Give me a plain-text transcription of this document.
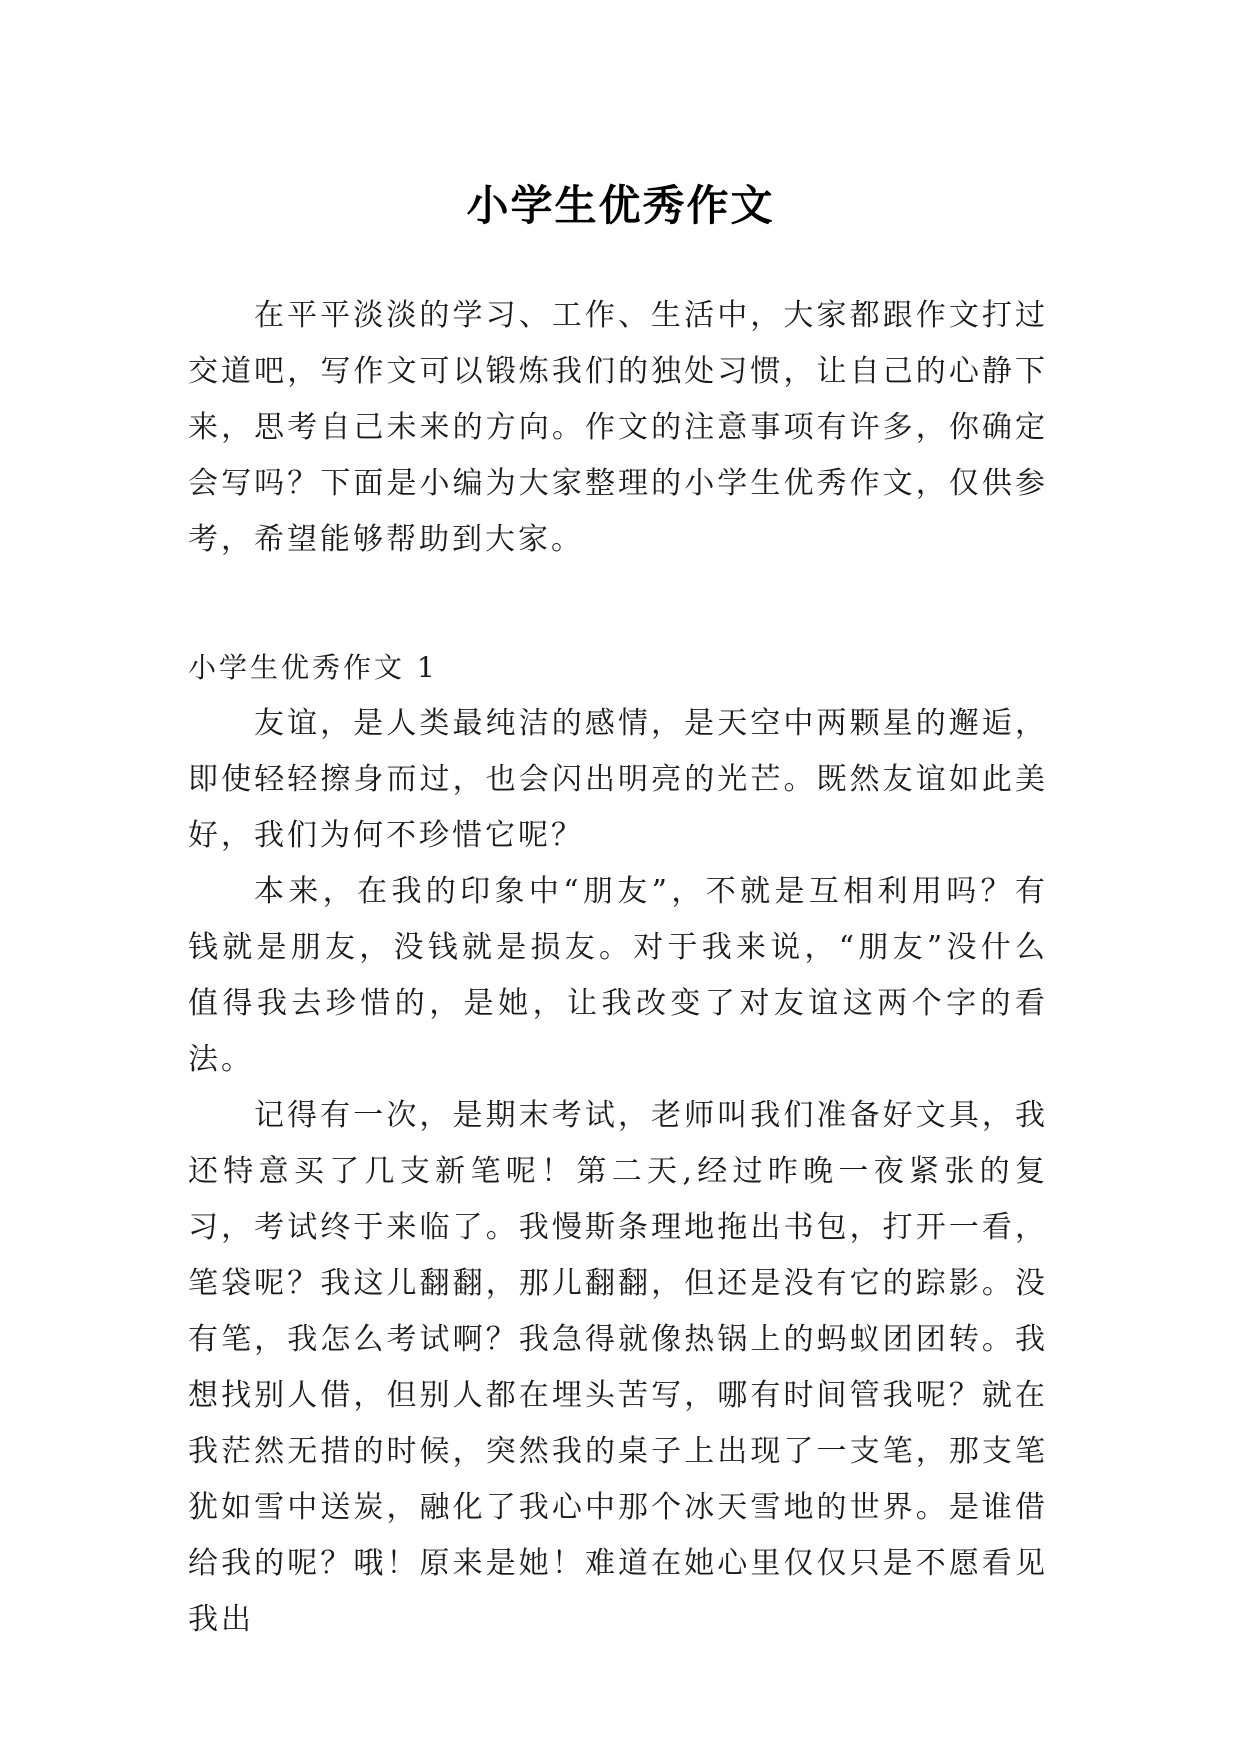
小学生优秀作文

在平平淡淡的学习、工作、生活中，大家都跟作文打过交道吧，写作文可以锻炼我们的独处习惯，让自己的心静下来，思考自己未来的方向。作文的注意事项有许多，你确定会写吗？下面是小编为大家整理的小学生优秀作文，仅供参考，希望能够帮助到大家。

小学生优秀作文 1

友谊，是人类最纯洁的感情，是天空中两颗星的邂逅，即使轻轻擦身而过，也会闪出明亮的光芒。既然友谊如此美好，我们为何不珍惜它呢？

本来，在我的印象中“朋友”，不就是互相利用吗？有钱就是朋友，没钱就是损友。对于我来说，“朋友”没什么值得我去珍惜的，是她，让我改变了对友谊这两个字的看法。

记得有一次，是期末考试，老师叫我们准备好文具，我还特意买了几支新笔呢！第二天,经过昨晚一夜紧张的复习，考试终于来临了。我慢斯条理地拖出书包，打开一看，笔袋呢？我这儿翻翻，那儿翻翻，但还是没有它的踪影。没有笔，我怎么考试啊？我急得就像热锅上的蚂蚁团团转。我想找别人借，但别人都在埋头苦写，哪有时间管我呢？就在我茫然无措的时候，突然我的桌子上出现了一支笔，那支笔犹如雪中送炭，融化了我心中那个冰天雪地的世界。是谁借给我的呢？哦！原来是她！难道在她心里仅仅只是不愿看见我出
